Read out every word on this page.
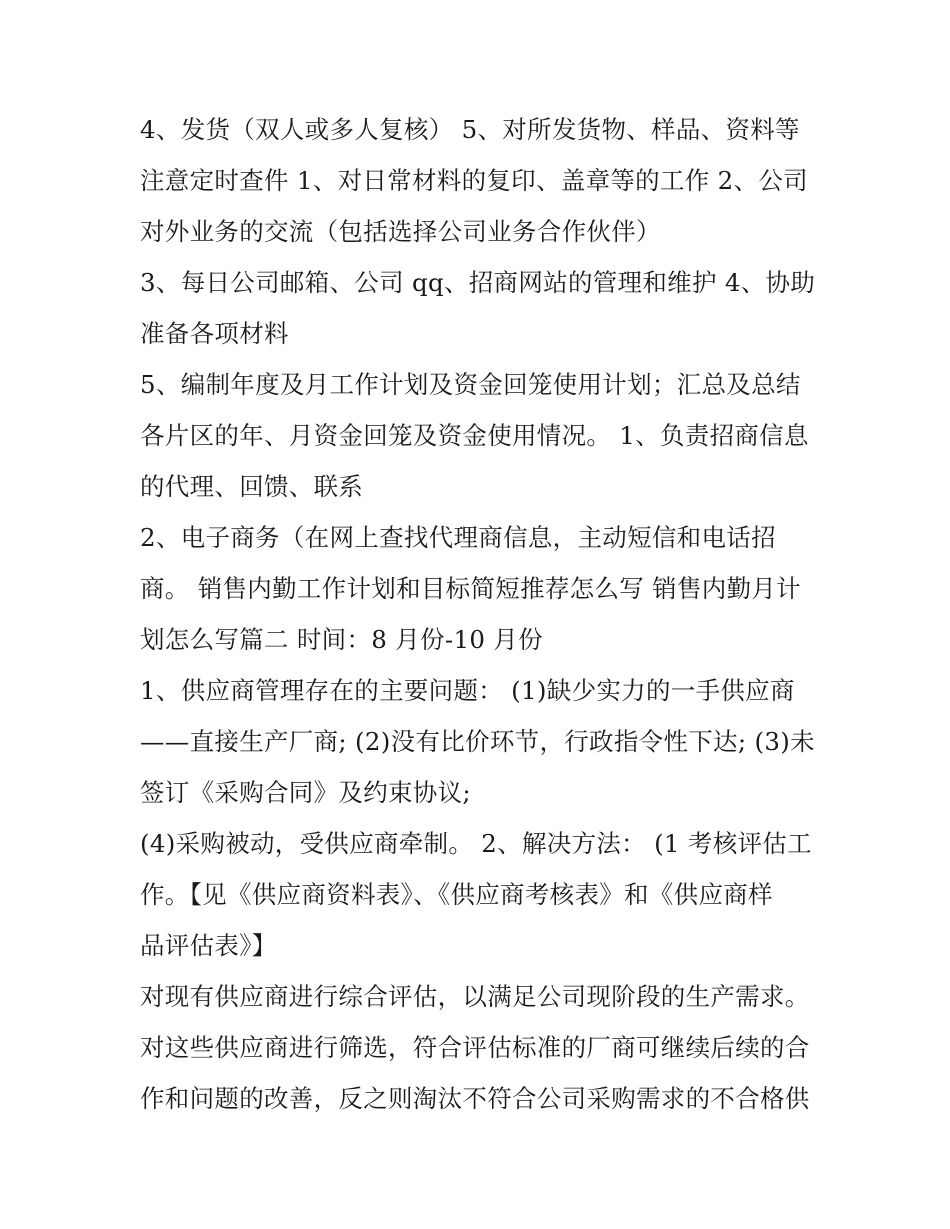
4、发货（双人或多人复核） 5、对所发货物、样品、资料等
注意定时查件 1、对日常材料的复印、盖章等的工作 2、公司
对外业务的交流（包括选择公司业务合作伙伴）
3、每日公司邮箱、公司 qq、招商网站的管理和维护 4、协助
准备各项材料
5、编制年度及月工作计划及资金回笼使用计划；汇总及总结
各片区的年、月资金回笼及资金使用情况。 1、负责招商信息
的代理、回馈、联系
2、电子商务（在网上查找代理商信息，主动短信和电话招
商。 销售内勤工作计划和目标简短推荐怎么写 销售内勤月计
划怎么写篇二 时间：8 月份-10 月份
1、供应商管理存在的主要问题： (1)缺少实力的一手供应商
——直接生产厂商; (2)没有比价环节，行政指令性下达; (3)未
签订《采购合同》及约束协议;
(4)采购被动，受供应商牵制。 2、解决方法： (1 考核评估工
作。【见《供应商资料表》、《供应商考核表》和《供应商样
品评估表》】
对现有供应商进行综合评估，以满足公司现阶段的生产需求。
对这些供应商进行筛选，符合评估标准的厂商可继续后续的合
作和问题的改善，反之则淘汰不符合公司采购需求的不合格供
